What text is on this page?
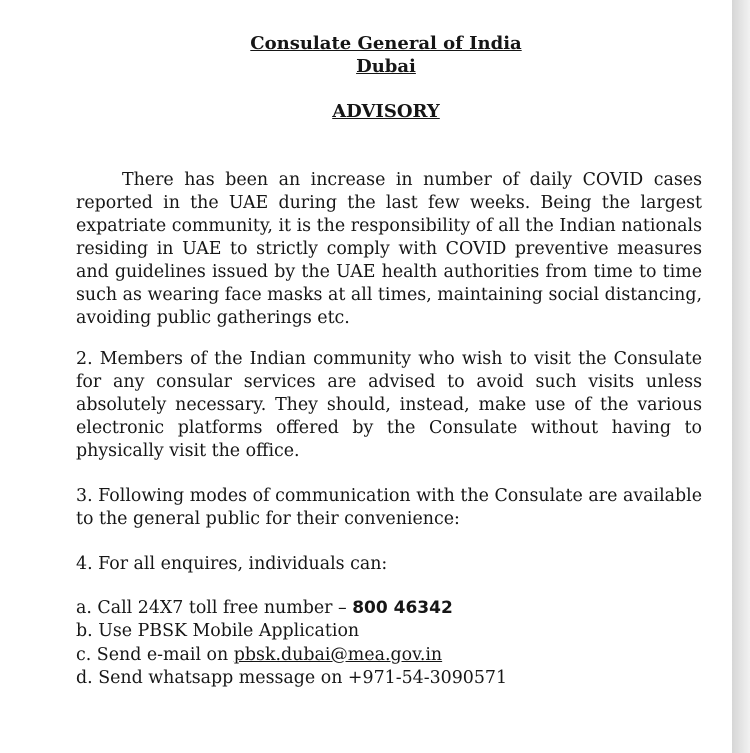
Consulate General of India
Dubai
ADVISORY

There has been an increase in number of daily COVID cases reported in the UAE during the last few weeks. Being the largest expatriate community, it is the responsibility of all the Indian nationals residing in UAE to strictly comply with COVID preventive measures and guidelines issued by the UAE health authorities from time to time such as wearing face masks at all times, maintaining social distancing, avoiding public gatherings etc.

2. Members of the Indian community who wish to visit the Consulate for any consular services are advised to avoid such visits unless absolutely necessary. They should, instead, make use of the various electronic platforms offered by the Consulate without having to physically visit the office.

3. Following modes of communication with the Consulate are available to the general public for their convenience:

4. For all enquires, individuals can:

a. Call 24X7 toll free number – 800 46342
b. Use PBSK Mobile Application
c. Send e-mail on pbsk.dubai@mea.gov.in
d. Send whatsapp message on +971-54-3090571
